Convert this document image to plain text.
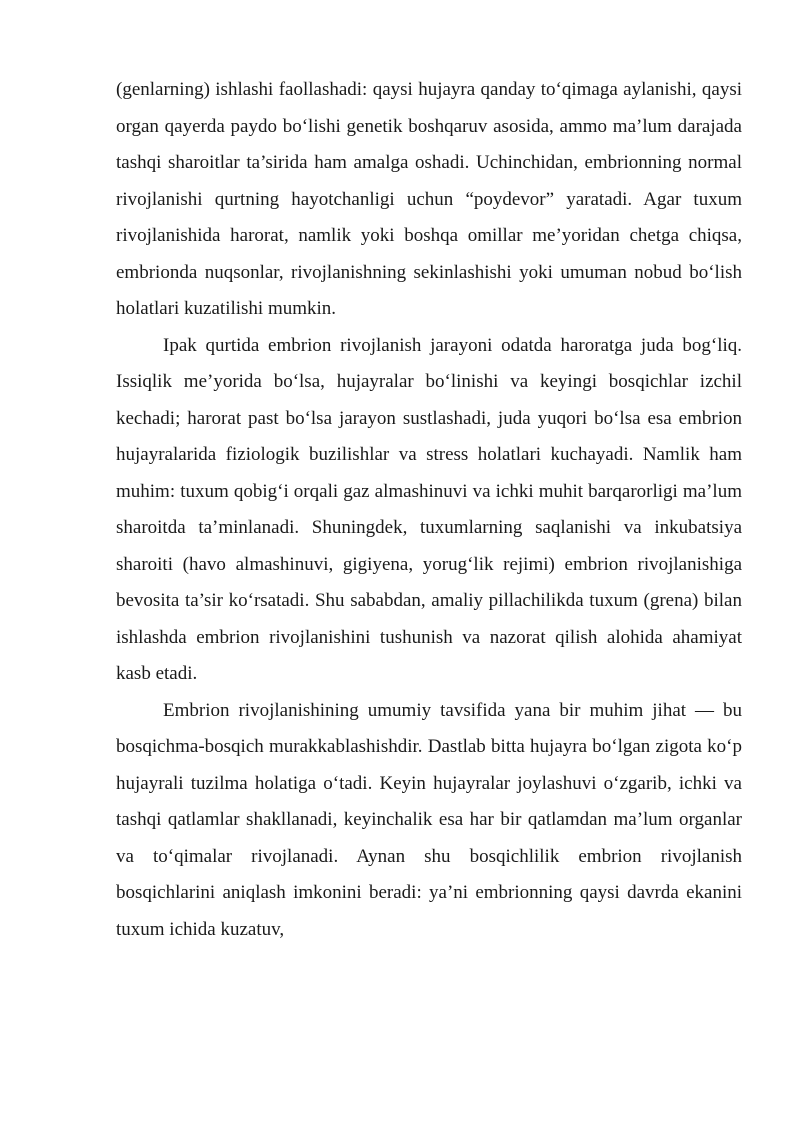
(genlarning) ishlashi faollashadi: qaysi hujayra qanday to‘qimaga aylanishi, qaysi organ qayerda paydo bo‘lishi genetik boshqaruv asosida, ammo ma’lum darajada tashqi sharoitlar ta’sirida ham amalga oshadi. Uchinchidan, embrionning normal rivojlanishi qurtning hayotchanligi uchun “poydevor” yaratadi. Agar tuxum rivojlanishida harorat, namlik yoki boshqa omillar me’yoridan chetga chiqsa, embrionda nuqsonlar, rivojlanishning sekinlashishi yoki umuman nobud bo‘lish holatlari kuzatilishi mumkin.

Ipak qurtida embrion rivojlanish jarayoni odatda haroratga juda bog‘liq. Issiqlik me’yorida bo‘lsa, hujayralar bo‘linishi va keyingi bosqichlar izchil kechadi; harorat past bo‘lsa jarayon sustlashadi, juda yuqori bo‘lsa esa embrion hujayralarida fiziologik buzilishlar va stress holatlari kuchayadi. Namlik ham muhim: tuxum qobig‘i orqali gaz almashinuvi va ichki muhit barqarorligi ma’lum sharoitda ta’minlanadi. Shuningdek, tuxumlarning saqlanishi va inkubatsiya sharoiti (havo almashinuvi, gigiyena, yorug‘lik rejimi) embrion rivojlanishiga bevosita ta’sir ko‘rsatadi. Shu sababdan, amaliy pillachilikda tuxum (grena) bilan ishlashda embrion rivojlanishini tushunish va nazorat qilish alohida ahamiyat kasb etadi.

Embrion rivojlanishining umumiy tavsifida yana bir muhim jihat — bu bosqichma-bosqich murakkablashishdir. Dastlab bitta hujayra bo‘lgan zigota ko‘p hujayrali tuzilma holatiga o‘tadi. Keyin hujayralar joylashuvi o‘zgarib, ichki va tashqi qatlamlar shakllanadi, keyinchalik esa har bir qatlamdan ma’lum organlar va to‘qimalar rivojlanadi. Aynan shu bosqichlilik embrion rivojlanish bosqichlarini aniqlash imkonini beradi: ya’ni embrionning qaysi davrda ekanini tuxum ichida kuzatuv,
